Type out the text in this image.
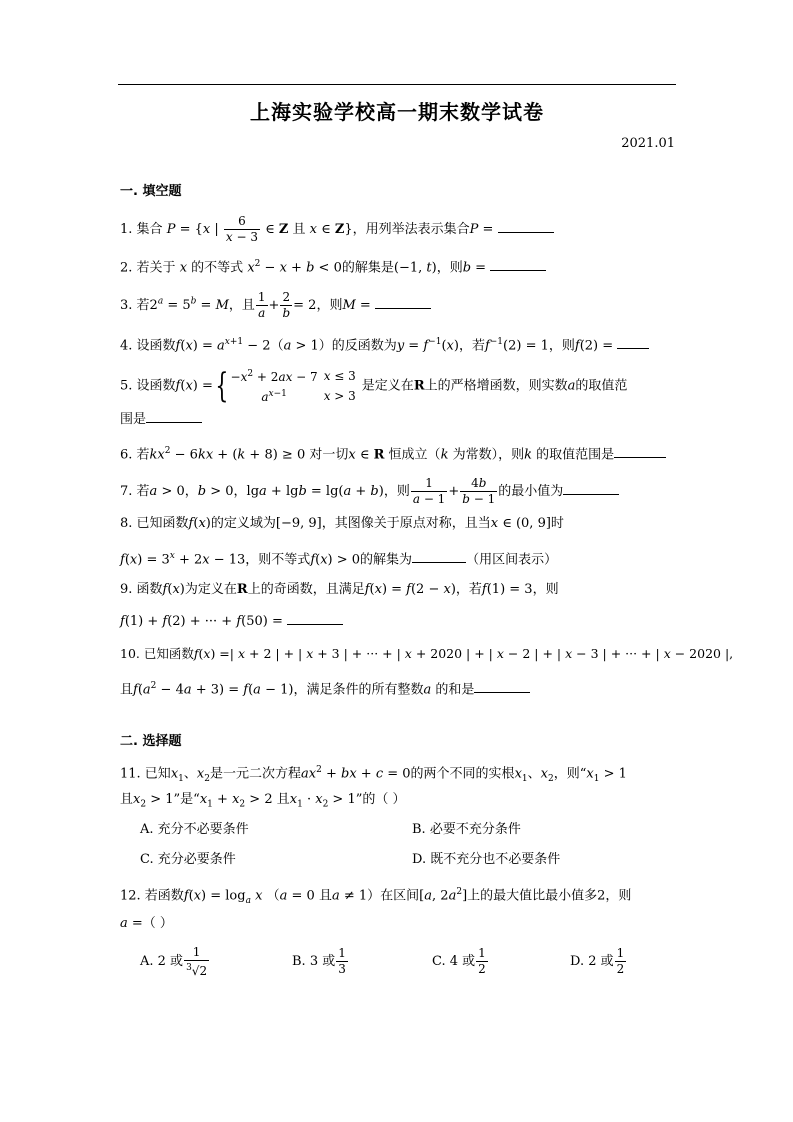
上海实验学校高一期末数学试卷
2021.01
一. 填空题
1. 集合 P = {x | $\frac{6}{x - 3}$ ∈ Z 且 x ∈ Z}，用列举法表示集合P =
2. 若关于 x 的不等式 $x^2 - x + b < 0$的解集是(−1, t)，则b =
3. 若$2^a = 5^b = M$，且 $\frac{1}{a} + \frac{2}{b} = 2$，则M =
4. 设函数$f(x) = a^{x+1} - 2(a > 1)$的反函数为$y = f^{-1}(x)$，若$f^{-1}(2) = 1$，则f(2) =
5. 设函数f(x) ={ $-x^2 + 2ax - 7$	x ≤ 3
$a^{x-1}$	x > 3
是定义在R上的严格增函数，则实数a的取值范
围是
6. 若$kx^2 - 6kx + (k + 8) \ge 0$ 对一切x ∈ R 恒成立（k 为常数），则k 的取值范围是
7. 若a > 0，b > 0，lga + lgb = lg(a + b)，则 $\frac{1}{a - 1} + \frac{4b}{b - 1}$ 的最小值为
8. 已知函数f(x)的定义域为[−9, 9]，其图像关于原点对称，且当x ∈ (0, 9]时
$f(x) = 3^x + 2x - 13$，则不等式f(x) > 0的解集为	（用区间表示）
9. 函数f(x)为定义在R上的奇函数，且满足f(x) = f(2 − x)，若f(1) = 3，则
f(1) + f(2) + ··· + f(50) =
10. 已知函数f(x) =| x + 2 | + | x + 3 | + ··· + | x + 2020 | + | x − 2 | + | x − 3 | + ··· + | x − 2020 |,
且$f(a^2 - 4a + 3) = f(a - 1)$，满足条件的所有整数a 的和是
二. 选择题
11. 已知$x_1$、$x_2$是一元二次方程$ax^2$ + bx + c = 0的两个不同的实根$x_1$、$x_2$，则“$x_1 > 1$
且$x_2 > 1$”是“$x_1 + x_2 > 2$ 且$x_1 \cdot x_2 > 1$”的（ ）
A. 充分不必要条件	B. 必要不充分条件
C. 充分必要条件	D. 既不充分也不必要条件
12. 若函数$f(x) = \log_a x$ （a = 0 且a ≠ 1）在区间[a, $2a^2$]上的最大值比最小值多2，则
a =（ ）
A. 2 或 $\frac{1}{^3√2}$	B. 3 或 $\frac{1}{3}$	C. 4 或 $\frac{1}{2}$	D. 2 或 $\frac{1}{2}$
